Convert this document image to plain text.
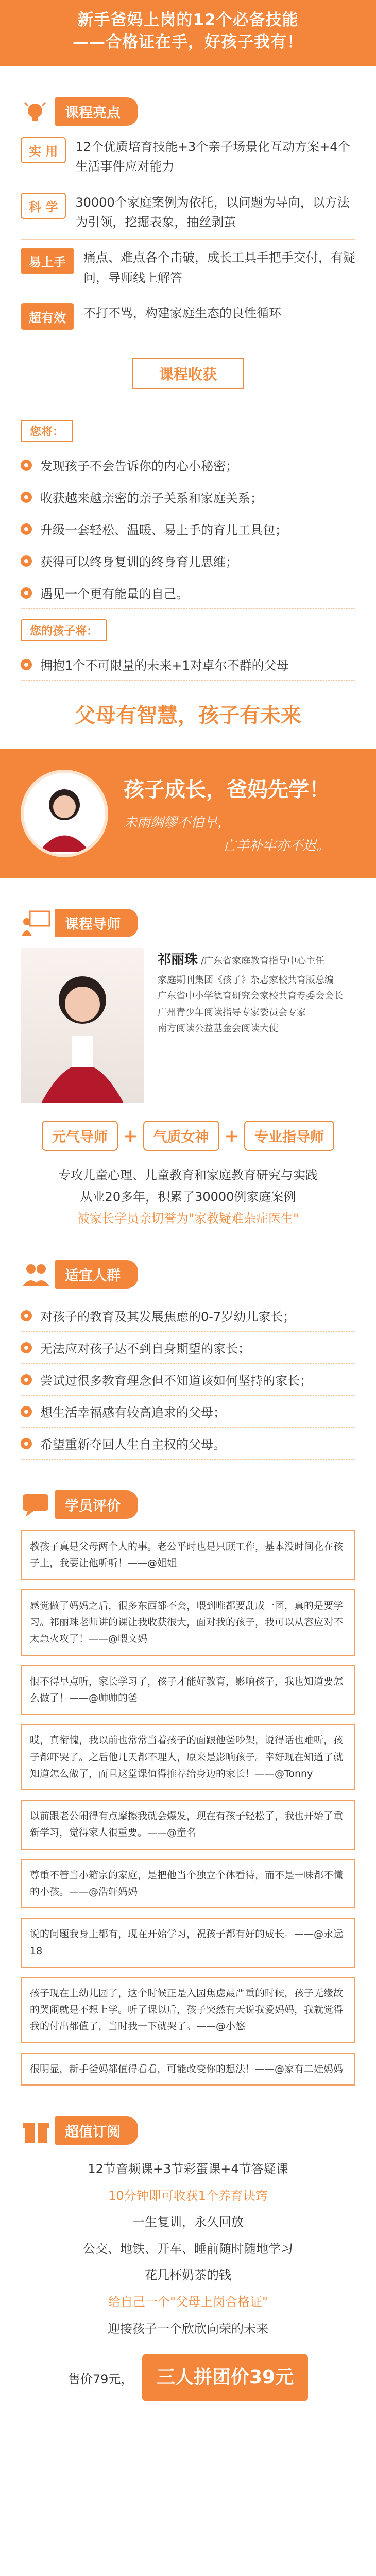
新手爸妈上岗的12个必备技能
——合格证在手，好孩子我有！
课程亮点
实 用	12个优质培育技能+3个亲子场景化互动方案+4个生活事件应对能力
科 学	30000个家庭案例为依托，以问题为导向，以方法为引领，挖掘表象，抽丝剥茧
易上手	痛点、难点各个击破，成长工具手把手交付，有疑问，导师线上解答
超有效	不打不骂，构建家庭生态的良性循环
课程收获
您将：
发现孩子不会告诉你的内心小秘密；
收获越来越亲密的亲子关系和家庭关系；
升级一套轻松、温暖、易上手的育儿工具包；
获得可以终身复训的终身育儿思维；
遇见一个更有能量的自己。
您的孩子将：
拥抱1个不可限量的未来+1对卓尔不群的父母
父母有智慧，孩子有未来
孩子成长，爸妈先学！
未雨绸缪不怕早，
亡羊补牢亦不迟。
课程导师
祁丽珠 /广东省家庭教育指导中心主任
家庭期刊集团《孩子》杂志家校共育版总编
广东省中小学德育研究会家校共育专委会会长
广州青少年阅读指导专家委员会专家
南方阅读公益基金会阅读大使
元气导师 +	气质女神 +	专业指导师
专攻儿童心理、儿童教育和家庭教育研究与实践
从业20多年，积累了30000例家庭案例
被家长学员亲切誉为"家教疑难杂症医生"
适宜人群
对孩子的教育及其发展焦虑的0-7岁幼儿家长；
无法应对孩子达不到自身期望的家长；
尝试过很多教育理念但不知道该如何坚持的家长；
想生活幸福感有较高追求的父母；
希望重新夺回人生自主权的父母。
学员评价
教孩子真是父母两个人的事。老公平时也是只顾工作，基本没时间花在孩子上，我要让他听听！——@姐姐
感觉做了妈妈之后，很多东西都不会，喂到唯都要乱成一团，真的是要学习。祁丽珠老师讲的课让我收获很大，面对我的孩子，我可以从容应对不太急火攻了！——@喂文妈
恨不得早点听，家长学习了，孩子才能好教育，影响孩子，我也知道要怎么做了！——@帅帅的爸
哎，真衔愧，我以前也常常当着孩子的面跟他爸吵架，说得话也难听，孩子都吓哭了。之后他几天都不理人，原来是影响孩子。幸好现在知道了就知道怎么做了，而且这堂课值得推荐给身边的家长！——@Tonny
以前跟老公闹得有点摩擦我就会爆发，现在有孩子轻松了，我也开始了重新学习，觉得家人很重要。——@童名
尊重不管当小箱宗的家庭，是把他当个独立个体看待，而不是一味都不懂的小孩。——@浩轩妈妈
说的问题我身上都有，现在开始学习，祝孩子都有好的成长。——@永远18
孩子现在上幼儿园了，这个时候正是入园焦虑最严重的时候，孩子无缘故的哭闹就是不想上学。听了课以后，孩子突然有天说我爱妈妈，我就觉得我的付出都值了，当时我一下就哭了。——@小悠
很明显，新手爸妈都值得看看，可能改变你的想法！——@家有二娃妈妈
超值订阅
12节音频课+3节彩蛋课+4节答疑课
10分钟即可收获1个养育诀窍
一生复训，永久回放
公交、地铁、开车、睡前随时随地学习
花几杯奶茶的钱
给自己一个"父母上岗合格证"
迎接孩子一个欣欣向荣的未来
售价79元， 三人拼团价39元
